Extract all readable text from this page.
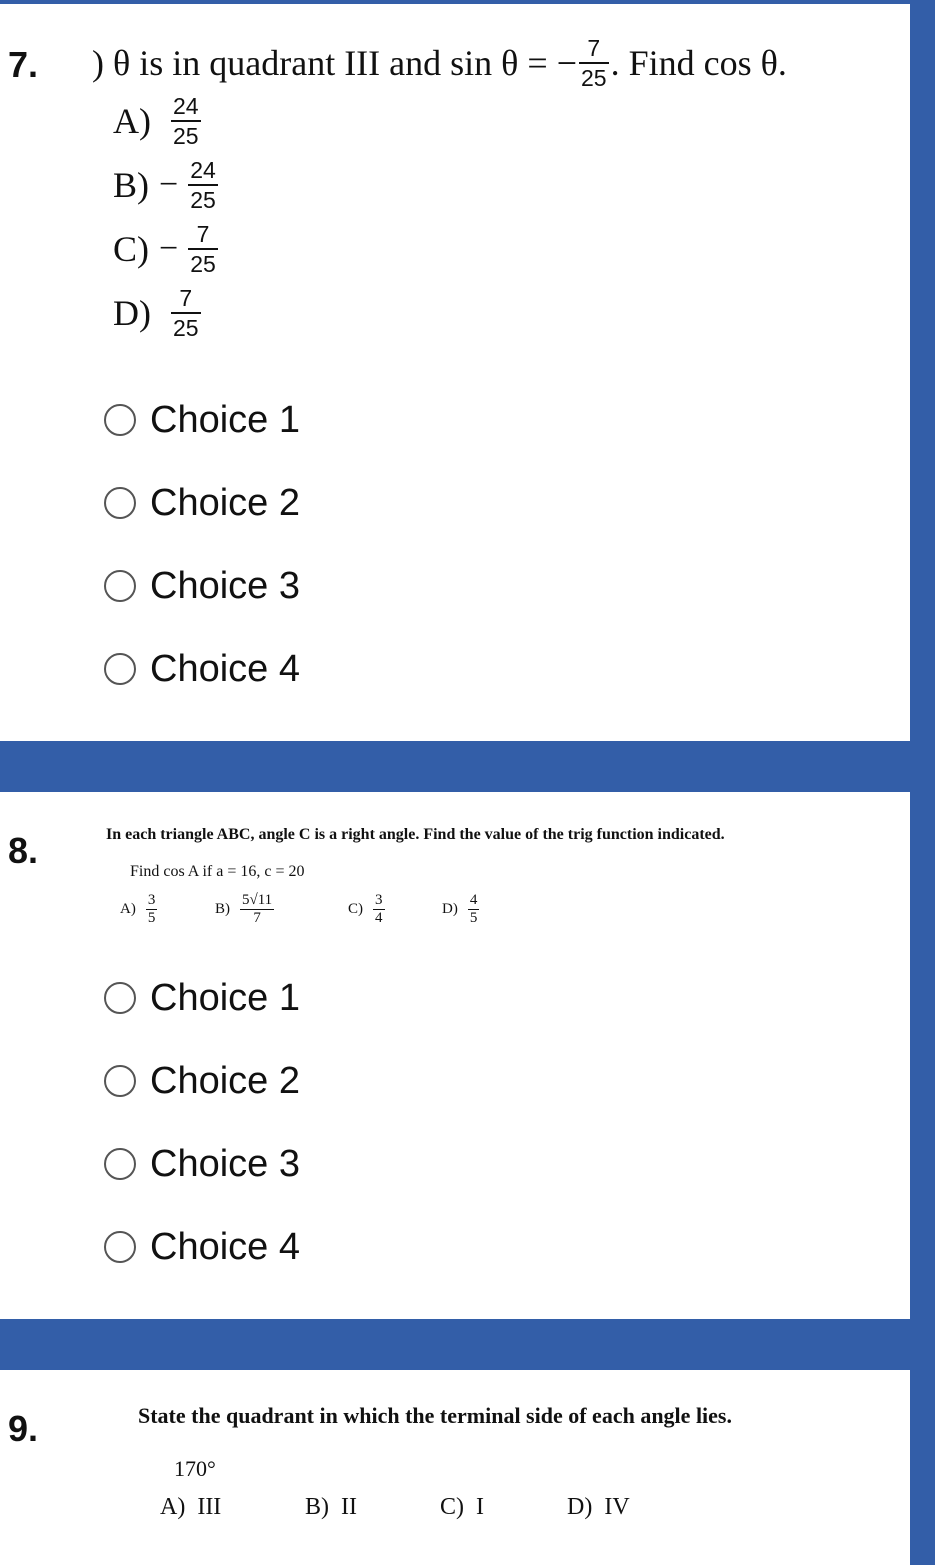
7. ) θ is in quadrant III and sin θ = − $\frac{7}{25}$ . Find cos θ.
$A) \frac{24}{25}$
$B) - \frac{24}{25}$
$C) - \frac{7}{25}$
$D) \frac{7}{25}$
Choice 1
Choice 2
Choice 3
Choice 4
8.	In each triangle ABC, angle C is a right angle. Find the value of the trig function indicated.
Find cos A if a = 16, c = 20
$A) \frac{3}{5}$	$B) \frac{5√11}{7}$	$C) \frac{3}{4}$	$D) \frac{4}{5}$
Choice 1
Choice 2
Choice 3
Choice 4
9.	State the quadrant in which the terminal side of each angle lies.
170°
A)  III	B)  II	C)  I	D)  IV
